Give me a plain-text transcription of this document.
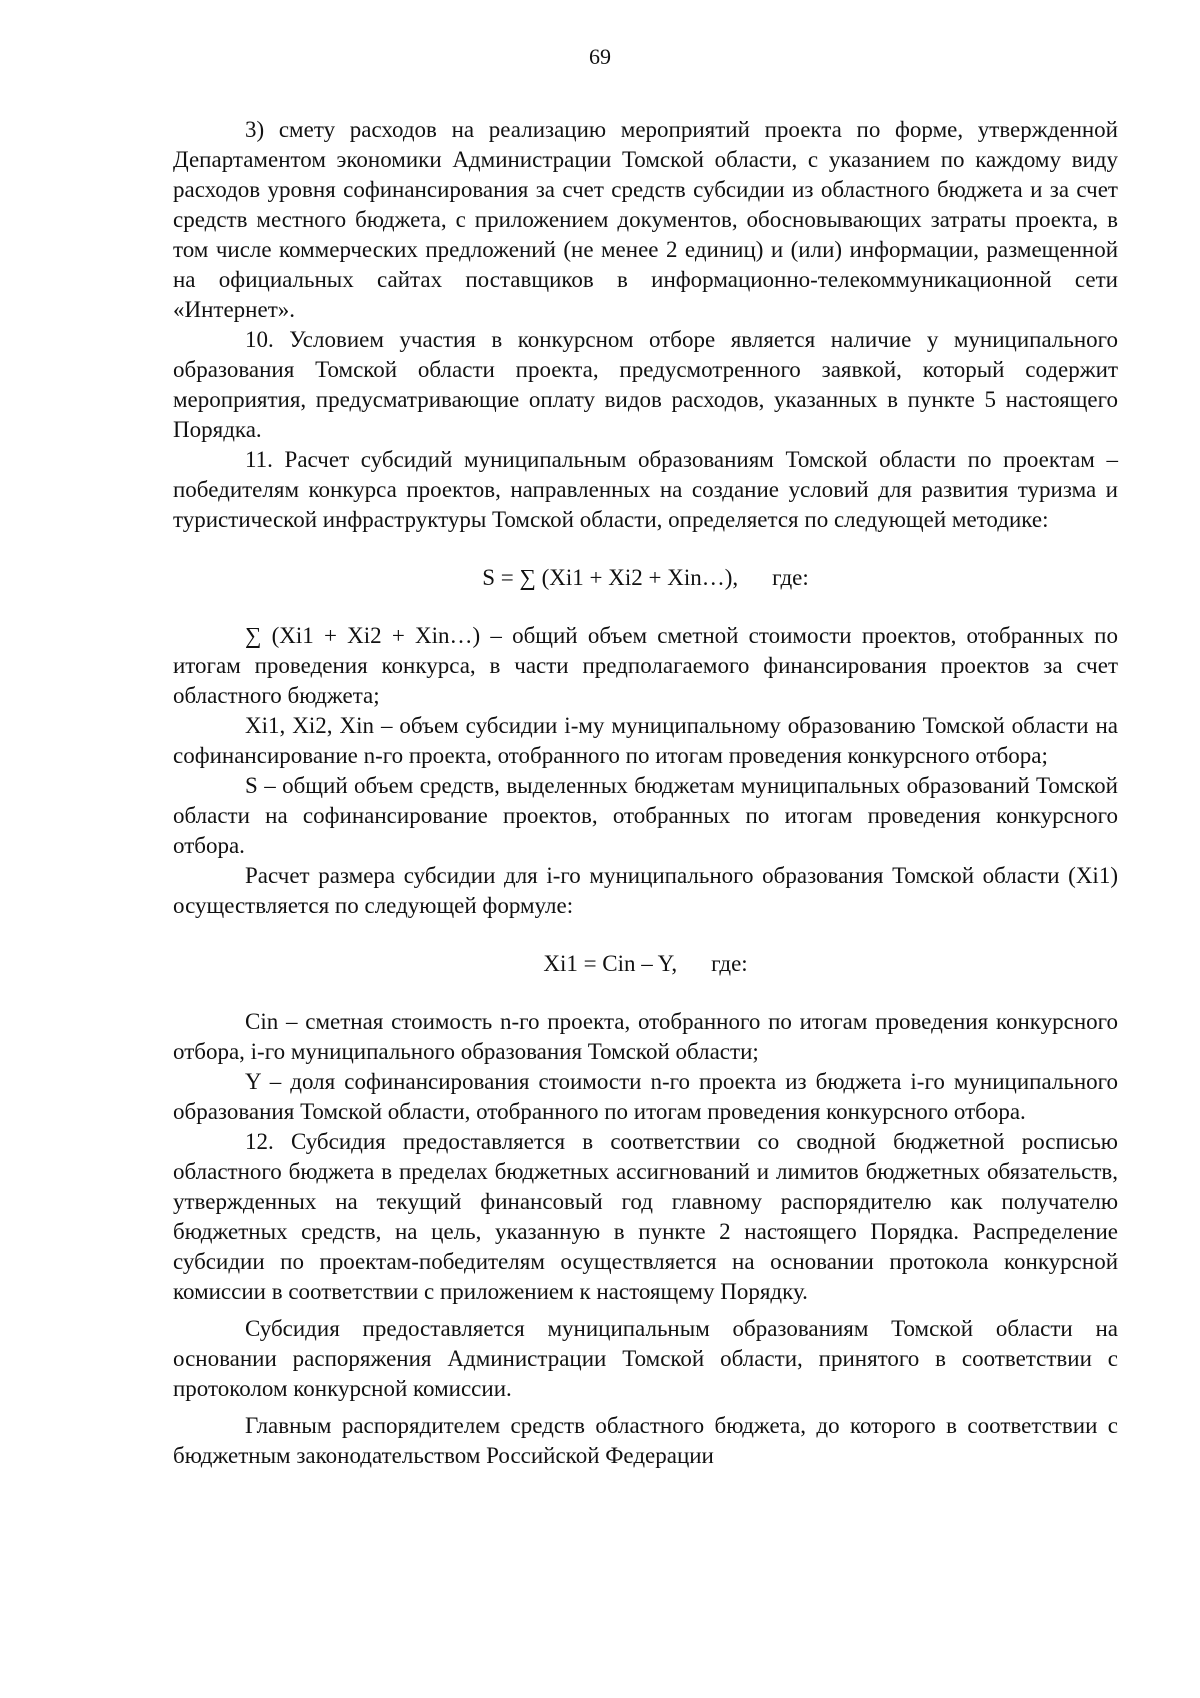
69

3) смету расходов на реализацию мероприятий проекта по форме, утвержденной Департаментом экономики Администрации Томской области, с указанием по каждому виду расходов уровня софинансирования за счет средств субсидии из областного бюджета и за счет средств местного бюджета, с приложением документов, обосновывающих затраты проекта, в том числе коммерческих предложений (не менее 2 единиц) и (или) информации, размещенной на официальных сайтах поставщиков в информационно-телекоммуникационной сети «Интернет».

10. Условием участия в конкурсном отборе является наличие у муниципального образования Томской области проекта, предусмотренного заявкой, который содержит мероприятия, предусматривающие оплату видов расходов, указанных в пункте 5 настоящего Порядка.

11. Расчет субсидий муниципальным образованиям Томской области по проектам – победителям конкурса проектов, направленных на создание условий для развития туризма и туристической инфраструктуры Томской области, определяется по следующей методике:

S = ∑ (Xi1 + Xi2 + Xin…), где:

∑ (Xi1 + Xi2 + Xin…) – общий объем сметной стоимости проектов, отобранных по итогам проведения конкурса, в части предполагаемого финансирования проектов за счет областного бюджета;

Xi1, Xi2, Xin – объем субсидии i-му муниципальному образованию Томской области на софинансирование n-го проекта, отобранного по итогам проведения конкурсного отбора;

S – общий объем средств, выделенных бюджетам муниципальных образований Томской области на софинансирование проектов, отобранных по итогам проведения конкурсного отбора.

Расчет размера субсидии для i-го муниципального образования Томской области (Xi1) осуществляется по следующей формуле:

Xi1 = Cin – Y, где:

Cin – сметная стоимость n-го проекта, отобранного по итогам проведения конкурсного отбора, i-го муниципального образования Томской области;

Y – доля софинансирования стоимости n-го проекта из бюджета i-го муниципального образования Томской области, отобранного по итогам проведения конкурсного отбора.

12. Субсидия предоставляется в соответствии со сводной бюджетной росписью областного бюджета в пределах бюджетных ассигнований и лимитов бюджетных обязательств, утвержденных на текущий финансовый год главному распорядителю как получателю бюджетных средств, на цель, указанную в пункте 2 настоящего Порядка. Распределение субсидии по проектам-победителям осуществляется на основании протокола конкурсной комиссии в соответствии с приложением к настоящему Порядку.

Субсидия предоставляется муниципальным образованиям Томской области на основании распоряжения Администрации Томской области, принятого в соответствии с протоколом конкурсной комиссии.

Главным распорядителем средств областного бюджета, до которого в соответствии с бюджетным законодательством Российской Федерации
